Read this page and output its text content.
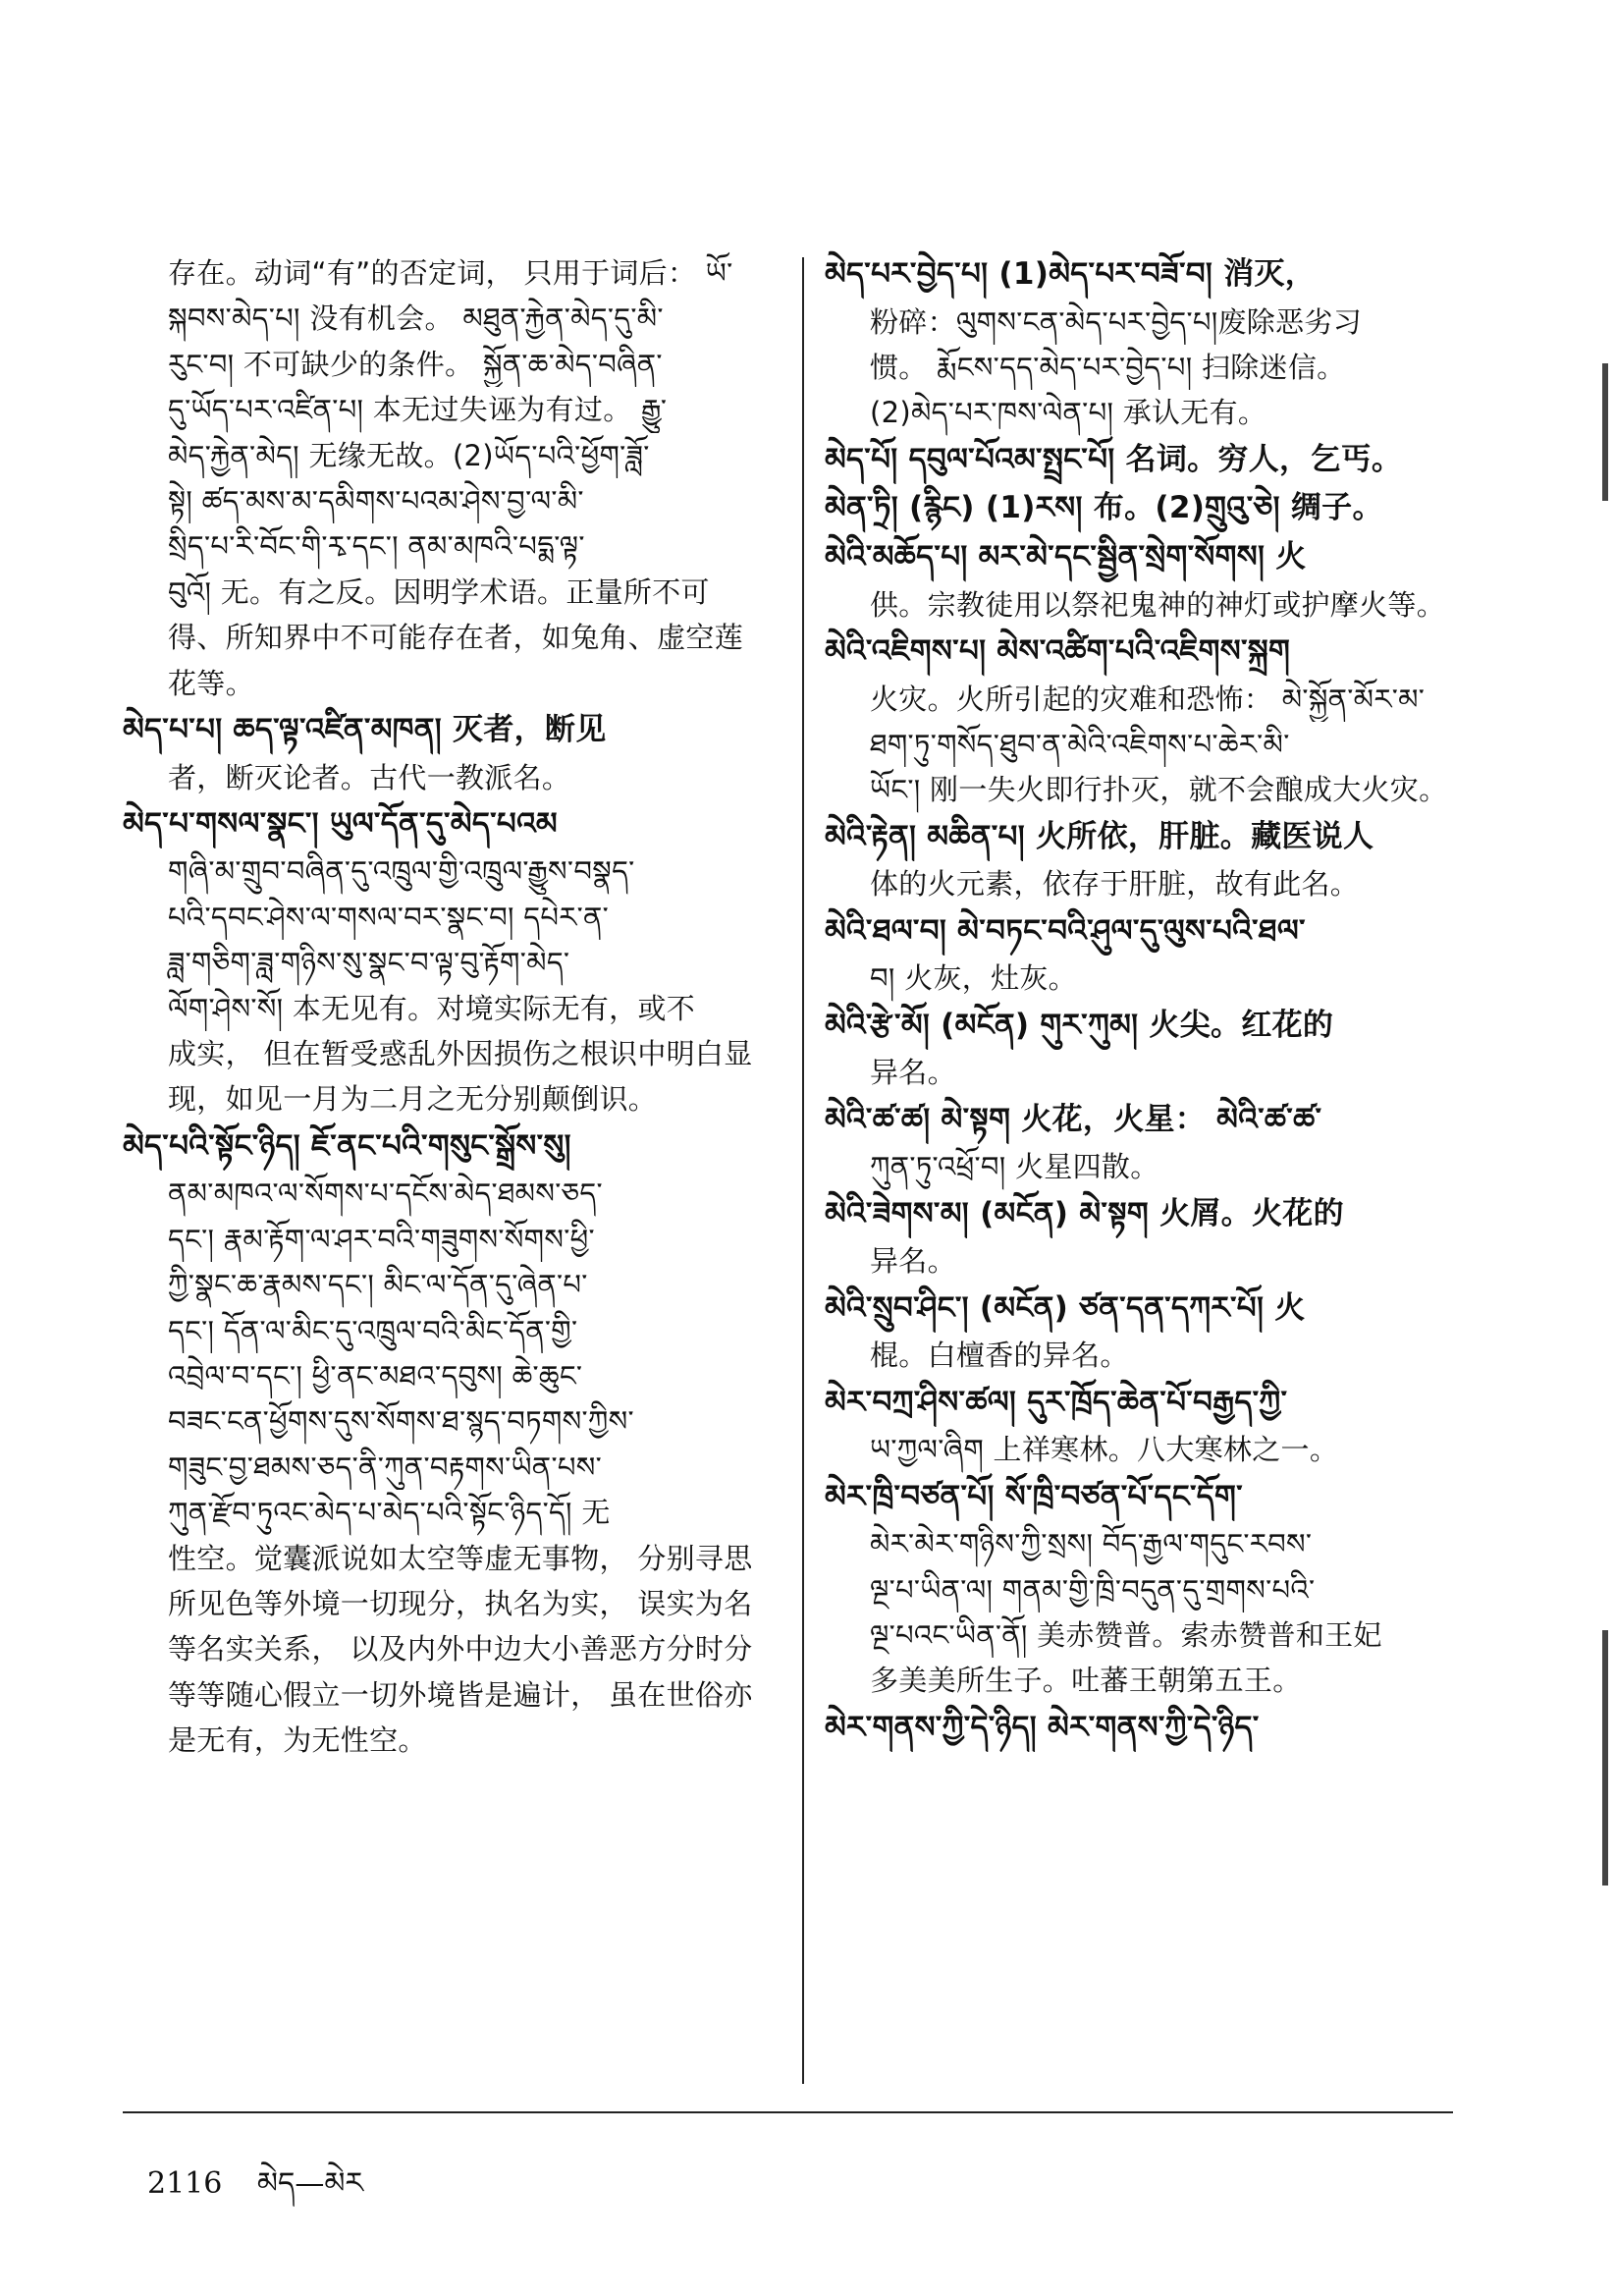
存在。动词“有”的否定词， 只用于词后： ཡོ་
སྐབས་མེད་པ། 没有机会。 མཐུན་རྐྱེན་མེད་དུ་མི་
རུང་བ། 不可缺少的条件。 སྐྱོན་ཆ་མེད་བཞིན་
དུ་ཡོད་པར་འཛིན་པ། 本无过失诬为有过。 རྒྱུ་
མེད་རྐྱེན་མེད། 无缘无故。(2)ཡོད་པའི་ཕྱོག་ཟློ་
སྟེ། ཚད་མས་མ་དམིགས་པའམ་ཤེས་བྱ་ལ་མི་
སྲིད་པ་རི་བོང་གི་རྭ་དང་། ནམ་མཁའི་པདྨ་ལྟ་
བུའོ། 无。有之反。因明学术语。正量所不可
得、所知界中不可能存在者，如兔角、虚空莲
花等。
མེད་པ་པ། ཆད་ལྟ་འཛིན་མཁན། 灭者，断见
者，断灭论者。古代一教派名。
མེད་པ་གསལ་སྣང་། ཡུལ་དོན་དུ་མེད་པའམ
གཞི་མ་གྲུབ་བཞིན་དུ་འཁྲུལ་གྱི་འཁྲུལ་རྒྱུས་བསྣད་
པའི་དབང་ཤེས་ལ་གསལ་བར་སྣང་བ། དཔེར་ན་
ཟླ་གཅིག་ཟླ་གཉིས་སུ་སྣང་བ་ལྟ་བུ་རྟོག་མེད་
ལོག་ཤེས་སོ། 本无见有。对境实际无有，或不
成实， 但在暂受惑乱外因损伤之根识中明白显
现，如见一月为二月之无分别颠倒识。
མེད་པའི་སྟོང་ཉིད། ཇོ་ནང་པའི་གསུང་སྒྲོས་སུ།
ནམ་མཁའ་ལ་སོགས་པ་དངོས་མེད་ཐམས་ཅད་
དང་། རྣམ་རྟོག་ལ་ཤར་བའི་གཟུགས་སོགས་ཕྱི་
ཀྱི་སྣང་ཆ་རྣམས་དང་། མིང་ལ་དོན་དུ་ཞེན་པ་
དང་། དོན་ལ་མིང་དུ་འཁྲུལ་བའི་མིང་དོན་གྱི་
འབྲེལ་བ་དང་། ཕྱི་ནང་མཐའ་དབུས། ཆེ་ཆུང་
བཟང་ངན་ཕྱོགས་དུས་སོགས་ཐ་སྙད་བཏགས་ཀྱིས་
གཟུང་བྱ་ཐམས་ཅད་ནི་ཀུན་བརྟགས་ཡིན་པས་
ཀུན་རྫོབ་ཏུའང་མེད་པ་མེད་པའི་སྟོང་ཉིད་དོ། 无
性空。觉囊派说如太空等虚无事物， 分别寻思
所见色等外境一切现分，执名为实， 误实为名
等名实关系， 以及内外中边大小善恶方分时分
等等随心假立一切外境皆是遍计， 虽在世俗亦
是无有，为无性空。
མེད་པར་བྱེད་པ། (1)མེད་པར་བཟོ་བ། 消灭，
粉碎：ལུགས་ངན་མེད་པར་བྱེད་པ།废除恶劣习
惯。 རྨོངས་དད་མེད་པར་བྱེད་པ། 扫除迷信。
(2)མེད་པར་ཁས་ལེན་པ། 承认无有。
མེད་པོ། དབུལ་པོའམ་སྤྲང་པོ། 名词。穷人，乞丐。
མེན་ཏྲི། (རྙིང) (1)རས། 布。(2)གྲུའུ་ཅེ། 绸子。
མེའི་མཆོད་པ། མར་མེ་དང་སྦྱིན་སྲེག་སོགས། 火
供。宗教徒用以祭祀鬼神的神灯或护摩火等。
མེའི་འཇིགས་པ། མེས་འཚིག་པའི་འཇིགས་སྐྲག
火灾。火所引起的灾难和恐怖： མེ་སྐྱོན་མོར་མ་
ཐག་ཏུ་གསོད་ཐུབ་ན་མེའི་འཇིགས་པ་ཆེར་མི་
ཡོང་། 刚一失火即行扑灭，就不会酿成大火灾。
མེའི་རྟེན། མཆིན་པ། 火所依，肝脏。藏医说人
体的火元素，依存于肝脏，故有此名。
མེའི་ཐལ་བ། མེ་བཏང་བའི་ཤུལ་དུ་ལུས་པའི་ཐལ་
བ། 火灰，灶灰。
མེའི་རྩེ་མོ། (མངོན) གུར་ཀུམ། 火尖。红花的
异名。
མེའི་ཚ་ཚ། མེ་སྟག 火花，火星： མེའི་ཚ་ཚ་
ཀུན་ཏུ་འཕྲོ་བ། 火星四散。
མེའི་ཟེགས་མ། (མངོན) མེ་སྟག 火屑。火花的
异名。
མེའི་སྲུབ་ཤིང་། (མངོན) ཙན་དན་དཀར་པོ། 火
棍。白檀香的异名。
མེར་བཀྲ་ཤིས་ཚལ། དུར་ཁྲོད་ཆེན་པོ་བརྒྱད་ཀྱི་
ཡ་ཀྱལ་ཞིག 上祥寒林。八大寒林之一。
མེར་ཁྲི་བཙན་པོ། སོ་ཁྲི་བཙན་པོ་དང་དོག་
མེར་མེར་གཉིས་ཀྱི་སྲས། བོད་རྒྱལ་གདུང་རབས་
ལྔ་པ་ཡིན་ལ། གནམ་གྱི་ཁྲི་བདུན་དུ་གྲགས་པའི་
ལྔ་པའང་ཡིན་ནོ། 美赤赞普。索赤赞普和王妃
多美美所生子。吐蕃王朝第五王。
མེར་གནས་ཀྱི་དེ་ཉིད། མེར་གནས་ཀྱི་དེ་ཉིད་
2116 མེད—མེར
